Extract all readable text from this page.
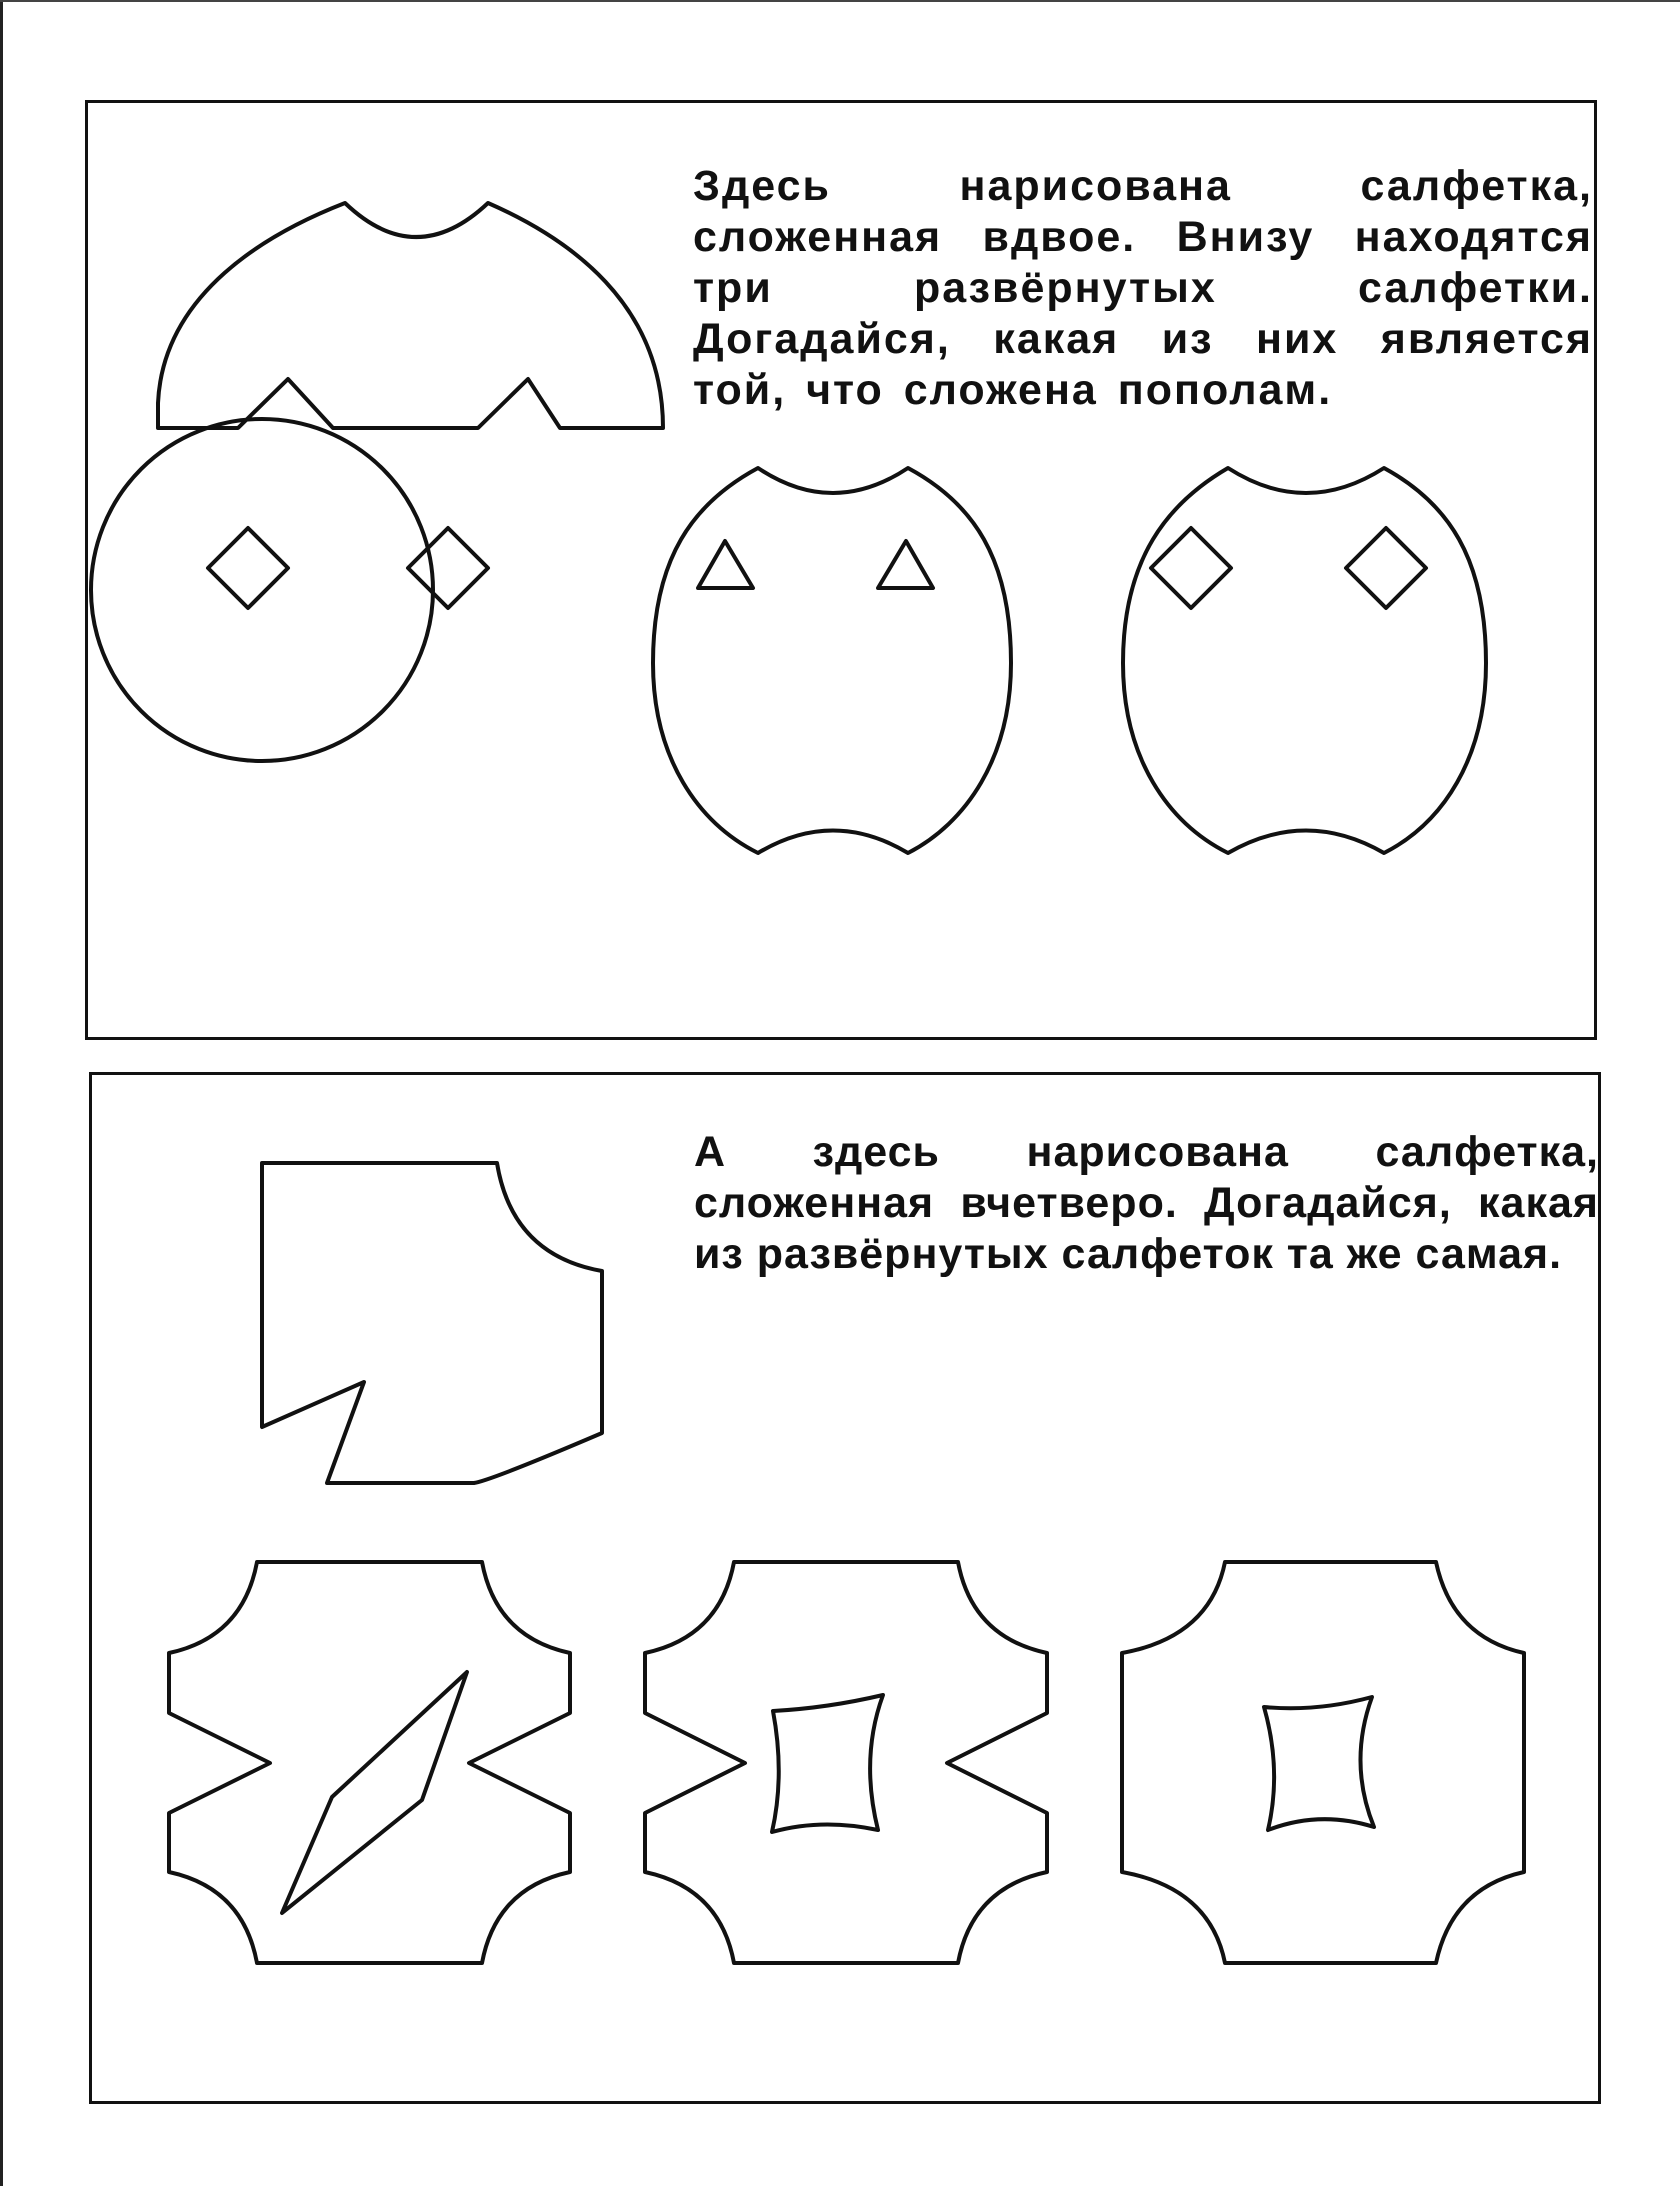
Здесь нарисована салфетка, сложенная вдвое. Внизу находятся три развёрнутых салфетки. Догадайся, какая из них является той, что сложена пополам.

А здесь нарисована салфетка, сложенная вчетверо. Догадайся, какая из развёрнутых салфеток та же самая.
